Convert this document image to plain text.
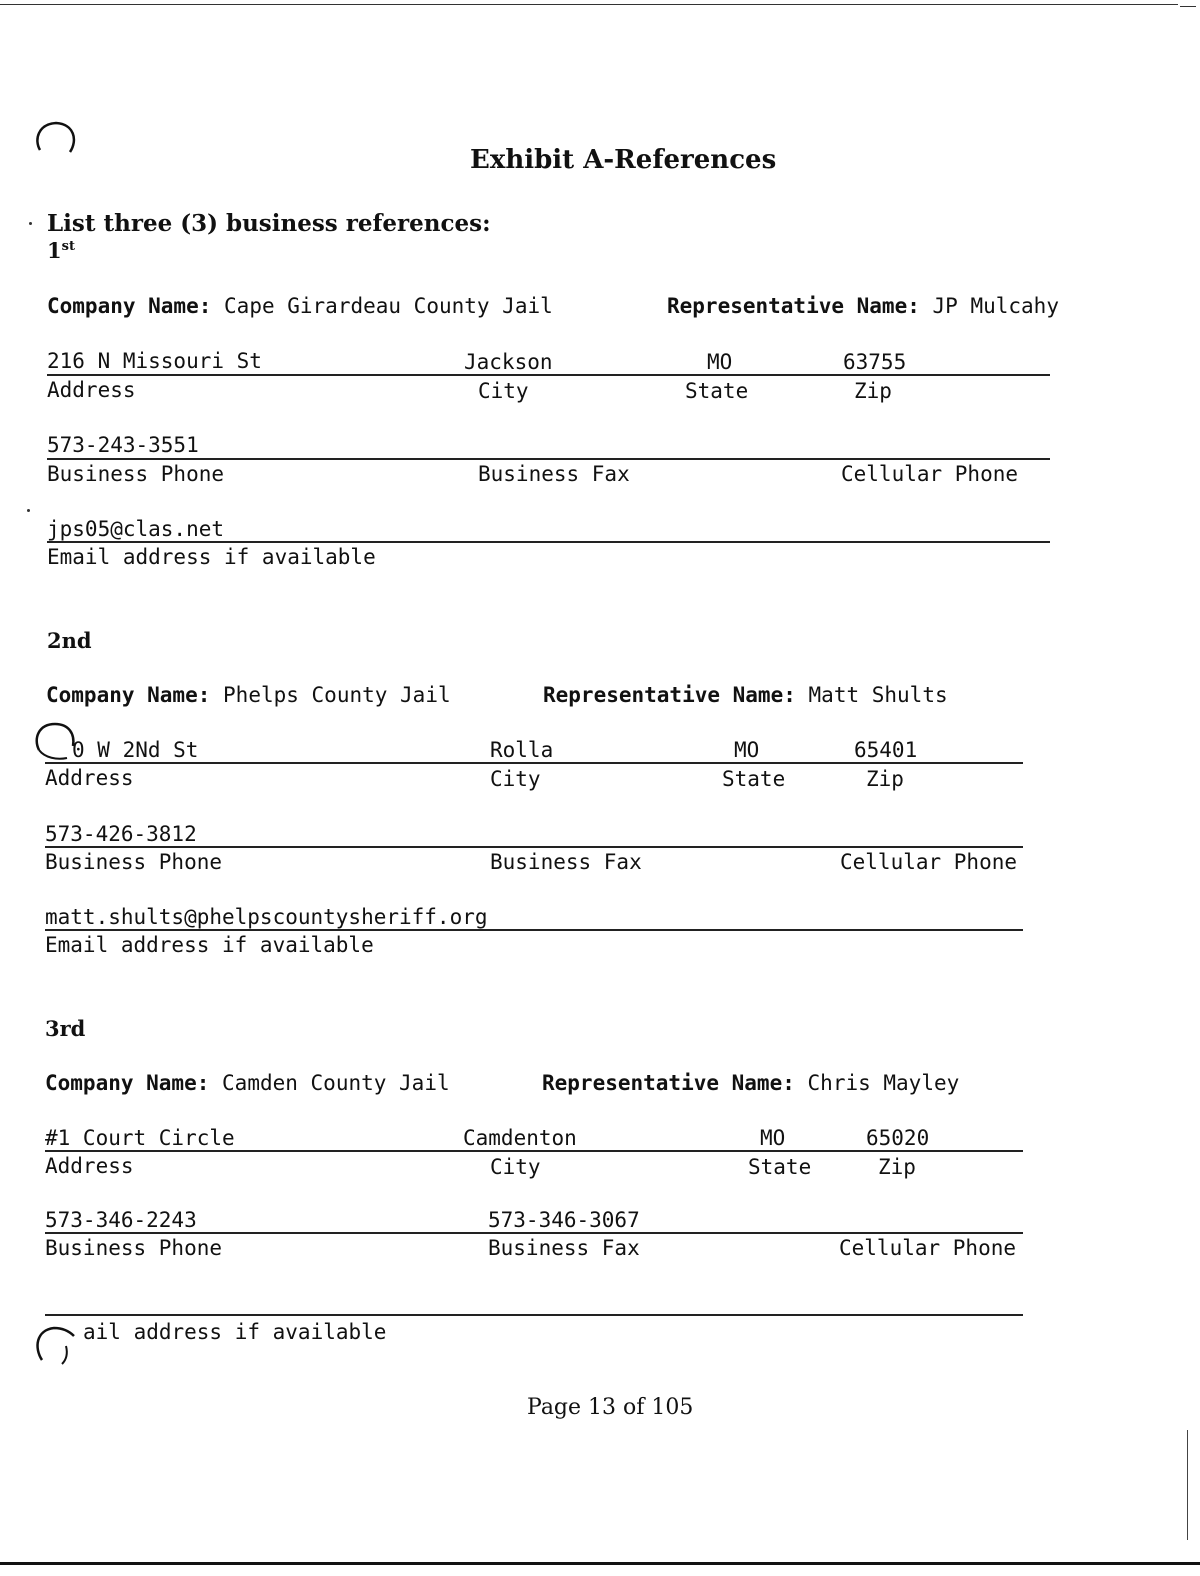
Exhibit A-References
List three (3) business references:
1st
Company Name: Cape Girardeau County Jail	Representative Name: JP Mulcahy
216 N Missouri St	Jackson	MO	63755
Address	City	State	Zip
573-243-3551
Business Phone	Business Fax	Cellular Phone
jps05@clas.net
Email address if available
2nd
Company Name: Phelps County Jail	Representative Name: Matt Shults
0 W 2Nd St	Rolla	MO	65401
Address	City	State	Zip
573-426-3812
Business Phone	Business Fax	Cellular Phone
matt.shults@phelpscountysheriff.org
Email address if available
3rd
Company Name: Camden County Jail	Representative Name: Chris Mayley
#1 Court Circle	Camdenton	MO	65020
Address	City	State	Zip
573-346-2243	573-346-3067
Business Phone	Business Fax	Cellular Phone
ail address if available
Page 13 of 105
